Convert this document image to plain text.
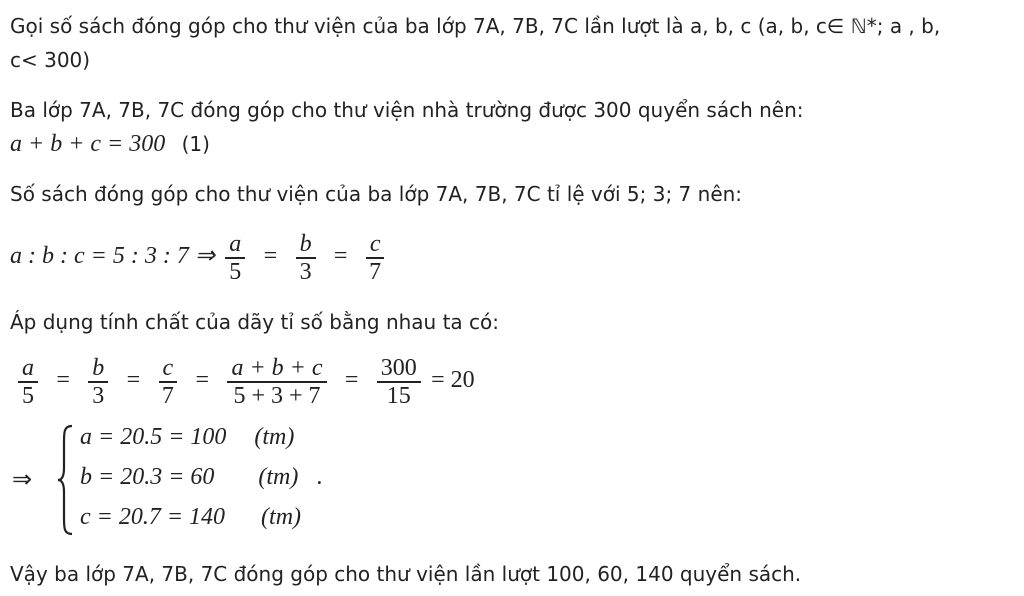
Gọi số sách đóng góp cho thư viện của ba lớp 7A, 7B, 7C lần lượt là a, b, c (a, b, c∈ ℕ*; a , b,
c< 300)
Ba lớp 7A, 7B, 7C đóng góp cho thư viện nhà trường được 300 quyển sách nên:
a + b + c = 300 (1)
Số sách đóng góp cho thư viện của ba lớp 7A, 7B, 7C tỉ lệ với 5; 3; 7 nên:
a : b : c = 5 : 3 : 7 ⇒ $\frac{a}{5} = \frac{b}{3} = \frac{c}{7}$
Áp dụng tính chất của dãy tỉ số bằng nhau ta có:
$\frac{a}{5} = \frac{b}{3} = \frac{c}{7} = \frac{a + b + c}{5 + 3 + 7} = \frac{300}{15} = 20$
⇒
a = 20.5 = 100 (tm)
b = 20.3 = 60 (tm) .
c = 20.7 = 140 (tm)
Vậy ba lớp 7A, 7B, 7C đóng góp cho thư viện lần lượt 100, 60, 140 quyển sách.
